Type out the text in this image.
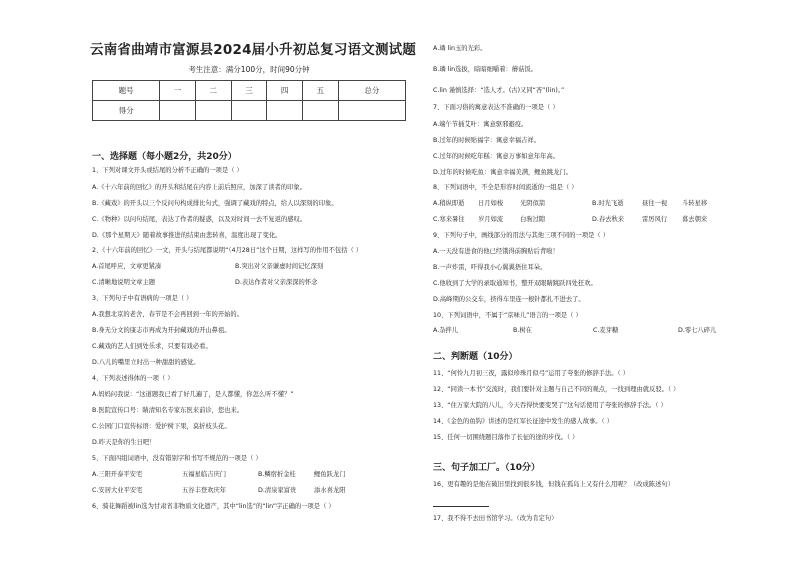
云南省曲靖市富源县2024届小升初总复习语文测试题
考生注意：满分100分，时间90分钟
题号	一	二	三	四	五	总分
得分						
一、选择题（每小题2分，共20分）
1、下列对课文开头或结尾的分析不正确的一项是（ ）
A.《十六年前的回忆》的开头和结尾在内容上前后照应，加深了读者的印象。
B.《藏戏》的开头以三个反问句构成排比句式，强调了藏戏的特点，给人以深刻的印象。
C.《物种》以问句结尾，表达了作者的疑惑，以及对时间一去不复返的感叹。
D.《那个星期天》随着故事推进的结束由悲转喜，温度出现了变化。
2、《十六年前的回忆》一文，开头与结尾都说明“（4月28日”这个日期，这样写的作用不包括（ ）
A.首尾呼应，文章更紧凑	B.突出对父亲谦虚时间记忆深刻
C.清晰地说明文章主题	D.表达作者对父亲深深的怀念
3、下列句子中有语病的一项是（ ）
A.我想北京的老舍，春节是不会再回到一年的开始的。
B.身无分文的康志市再成为开封藏戏的开山鼻祖。
C.藏戏的艺人们到处乐求，只要有戏必看。
D.八儿的嘴里立时出一种甜甜的感觉。
4、下列表述得体的一项（ ）
A.妈妈问我说：“这道题我已看了好几遍了，是人都懂，你怎么听不懂？”
B.医院宣传口号：睛清知名专家东医来前诊，您也来。
C.公园门口宣传标语：爱护树下果，莫折枝头花。
D.昨天是你的生日吧！
5、下面四组词语中，没有错别字和书写不规范的一项是（ ）
A.三阳开泰平安宅	五福星临吉庆门	B.鳞宿折金桂	鲤鱼跃龙门
C.安居大业平安宅	五谷丰登欢庆年	D.清泉家富贵	添水喜龙阳
6、骑花舞蹈被lin选为甘肃省非物质文化遗产，其中“lin选”的“lin”字正确的一项是（ ）
A.璘 lin玉的光彩。
B.璘 lin选拔，暗暗细嚼着：蘑菇饭。
C.lin 谨慎选择：“选人才。(古)又同“吝”(lin)。”
7、下面习俗的寓意表达不准确的一项是（ ）
A.端午节插艾叶：寓意驱邪避疫。
B.过年的时候贴福字：寓意幸福吉祥。
C.过年的时候吃年糕：寓意万事如意年年高。
D.过年的时候吃鱼：寓意幸福美满，鲤鱼跳龙门。
8、下列词语中，不全是形容时间流逝的一组是（ ）
A.稍纵即逝 日月如梭	光阴似箭	B.时光飞逝	昼往一视 斗转星移
C.寒来暑往 岁月如流	白驹过隙	D.春去秋来	雷厉风行 暮去朝来
9、下列句子中，画线部分的用法与其他三项不同的一项是（ ）
A.一天没有进食的他已经饿得前胸贴后背啦！
B.一声炸雷，吓得我小心翼翼捂住耳朵。
C.他收到了大学的录取通知书，整开双眼睛跳跃四处狂欢。
D.高峰期的公交车，挤得车里连一根针都扎不进去了。
10、下列词语中，不属于“京味儿”语言的一项是（ ）
A.杂拌儿	B.树在	C.麦芽糖	D.零七八碎儿
二、判断题（10分）
11、“何怜九月初三夜，露似珍珠月似弓”运用了夸张的修辞手法。（ ）
12、“同读一本书”交流时，我们要针对主题与自己不同的观点，一找到理由就反驳。（ ）
13、“住万家大院的八儿，今天吞得快要变哭了”这句话使用了夸张的修辞手法。（ ）
14、《金色的鱼钩》讲述的是红军长征途中发生的感人故事。（ ）
15、任何一切围绕题目落作了长征的途的步伐。（ ）
三、句子加工厂。（10分）
16、更有趣的是他在破旧里找到很多钱，但钱在孤岛上又有什么用呢？（改成陈述句）
17、我不得不去田书馆学习。（改为肯定句）
